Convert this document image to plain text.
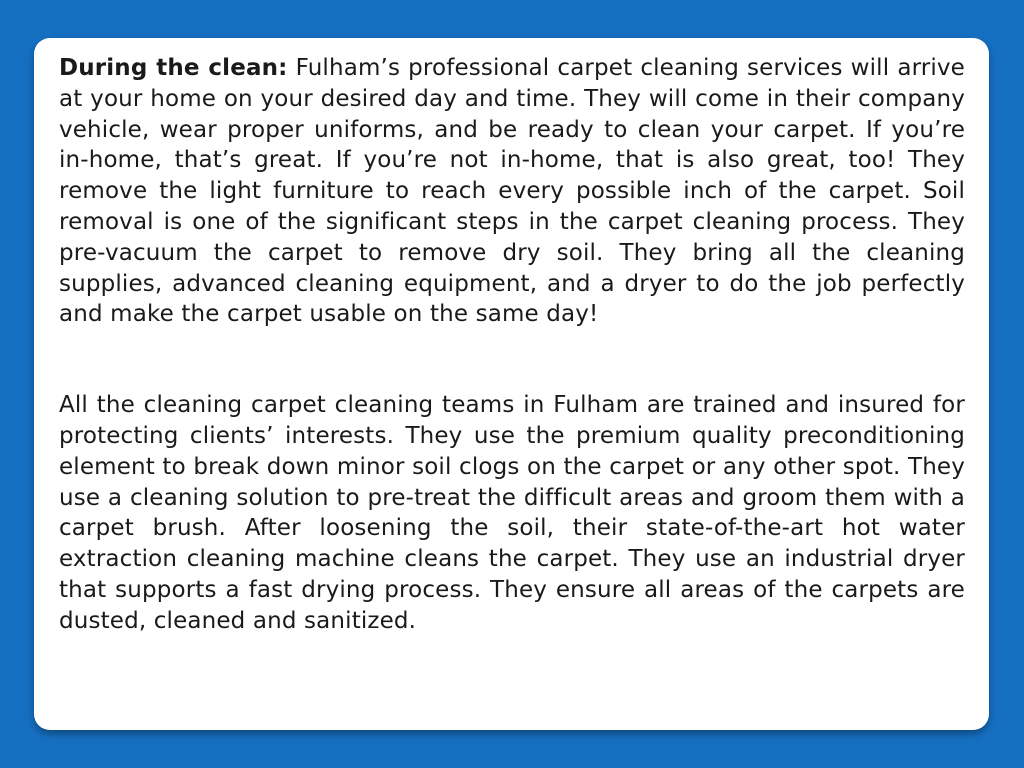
During the clean: Fulham’s professional carpet cleaning services will arrive at your home on your desired day and time. They will come in their company vehicle, wear proper uniforms, and be ready to clean your carpet. If you’re in-home, that’s great. If you’re not in-home, that is also great, too! They remove the light furniture to reach every possible inch of the carpet. Soil removal is one of the significant steps in the carpet cleaning process. They pre-vacuum the carpet to remove dry soil. They bring all the cleaning supplies, advanced cleaning equipment, and a dryer to do the job perfectly and make the carpet usable on the same day!

All the cleaning carpet cleaning teams in Fulham are trained and insured for protecting clients’ interests. They use the premium quality preconditioning element to break down minor soil clogs on the carpet or any other spot. They use a cleaning solution to pre-treat the difficult areas and groom them with a carpet brush. After loosening the soil, their state-of-the-art hot water extraction cleaning machine cleans the carpet. They use an industrial dryer that supports a fast drying process. They ensure all areas of the carpets are dusted, cleaned and sanitized.
